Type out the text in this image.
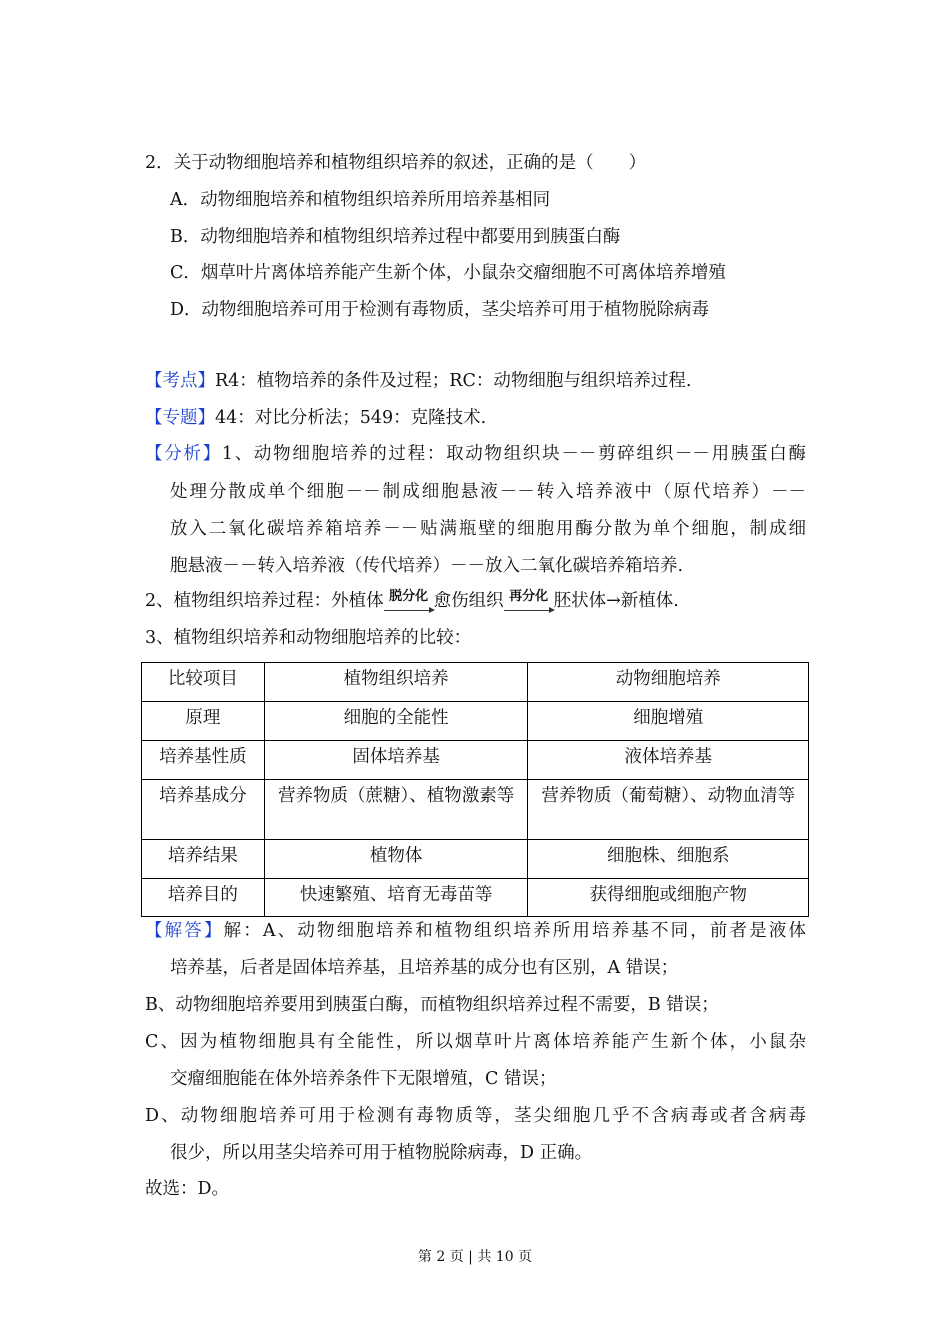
2．关于动物细胞培养和植物组织培养的叙述，正确的是（　　）
A．动物细胞培养和植物组织培养所用培养基相同
B．动物细胞培养和植物组织培养过程中都要用到胰蛋白酶
C．烟草叶片离体培养能产生新个体，小鼠杂交瘤细胞不可离体培养增殖
D．动物细胞培养可用于检测有毒物质，茎尖培养可用于植物脱除病毒
【考点】R4：植物培养的条件及过程；RC：动物细胞与组织培养过程.
【专题】44：对比分析法；549：克隆技术.
【分析】1、动物细胞培养的过程：取动物组织块－－剪碎组织－－用胰蛋白酶
处理分散成单个细胞－－制成细胞悬液－－转入培养液中（原代培养）－－
放入二氧化碳培养箱培养－－贴满瓶壁的细胞用酶分散为单个细胞，制成细
胞悬液－－转入培养液（传代培养）－－放入二氧化碳培养箱培养.
2、植物组织培养过程：外植体 脱分化 愈伤组织 再分化 胚状体→新植体.
3、植物组织培养和动物细胞培养的比较：
比较项目	植物组织培养	动物细胞培养
原理	细胞的全能性	细胞增殖
培养基性质	固体培养基	液体培养基
培养基成分	营养物质（蔗糖）、植物激素等	营养物质（葡萄糖）、动物血清等
培养结果	植物体	细胞株、细胞系
培养目的	快速繁殖、培育无毒苗等	获得细胞或细胞产物
【解答】解：A、动物细胞培养和植物组织培养所用培养基不同，前者是液体
培养基，后者是固体培养基，且培养基的成分也有区别，A 错误；
B、动物细胞培养要用到胰蛋白酶，而植物组织培养过程不需要，B 错误；
C、因为植物细胞具有全能性，所以烟草叶片离体培养能产生新个体，小鼠杂
交瘤细胞能在体外培养条件下无限增殖，C 错误；
D、动物细胞培养可用于检测有毒物质等，茎尖细胞几乎不含病毒或者含病毒
很少，所以用茎尖培养可用于植物脱除病毒，D 正确。
故选：D。
第 2 页 | 共 10 页
